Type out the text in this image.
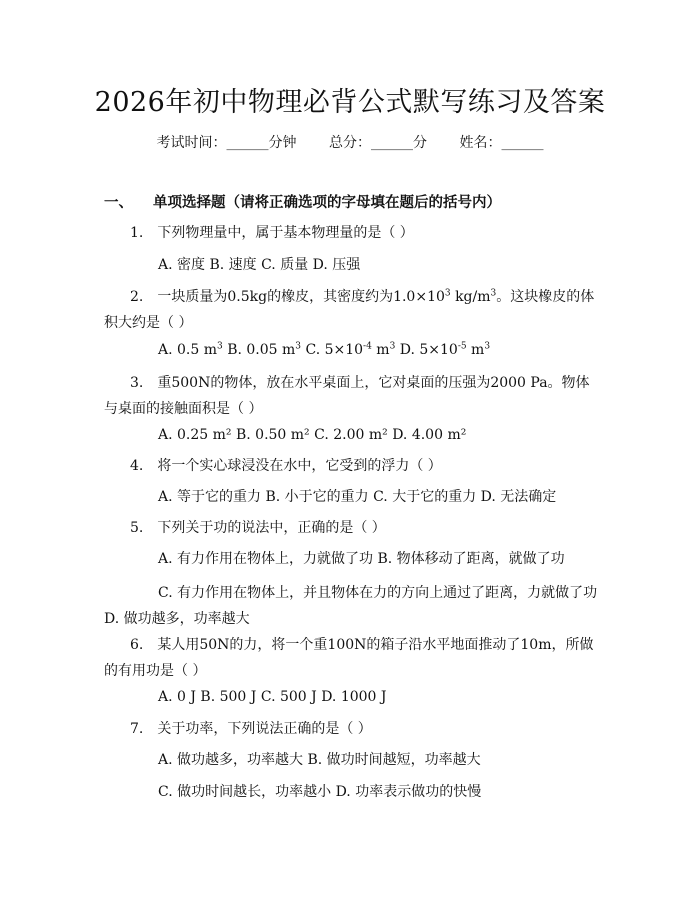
2026年初中物理必背公式默写练习及答案
考试时间：______分钟 总分：______分 姓名：______
一、 单项选择题（请将正确选项的字母填在题后的括号内）
1. 下列物理量中，属于基本物理量的是（ ）
A. 密度 B. 速度 C. 质量 D. 压强
2. 一块质量为0.5kg的橡皮，其密度约为$1.0\times 10^3$ $kg/m^3$。这块橡皮的体积大约是（ ）
A. 0.5 $m^3$ B. 0.05 $m^3$ C. $5\times 10^{-4}$ $m^3$ D. $5\times 10^{-5}$ $m^3$
3. 重500N的物体，放在水平桌面上，它对桌面的压强为2000 Pa。物体与桌面的接触面积是（ ）
A. 0.25 m² B. 0.50 m² C. 2.00 m² D. 4.00 m²
4. 将一个实心球浸没在水中，它受到的浮力（ ）
A. 等于它的重力 B. 小于它的重力 C. 大于它的重力 D. 无法确定
5. 下列关于功的说法中，正确的是（ ）
A. 有力作用在物体上，力就做了功 B. 物体移动了距离，就做了功
C. 有力作用在物体上，并且物体在力的方向上通过了距离，力就做了功 D. 做功越多，功率越大
6. 某人用50N的力，将一个重100N的箱子沿水平地面推动了10m，所做的有用功是（ ）
A. 0 J B. 500 J C. 500 J D. 1000 J
7. 关于功率，下列说法正确的是（ ）
A. 做功越多，功率越大 B. 做功时间越短，功率越大
C. 做功时间越长，功率越小 D. 功率表示做功的快慢
